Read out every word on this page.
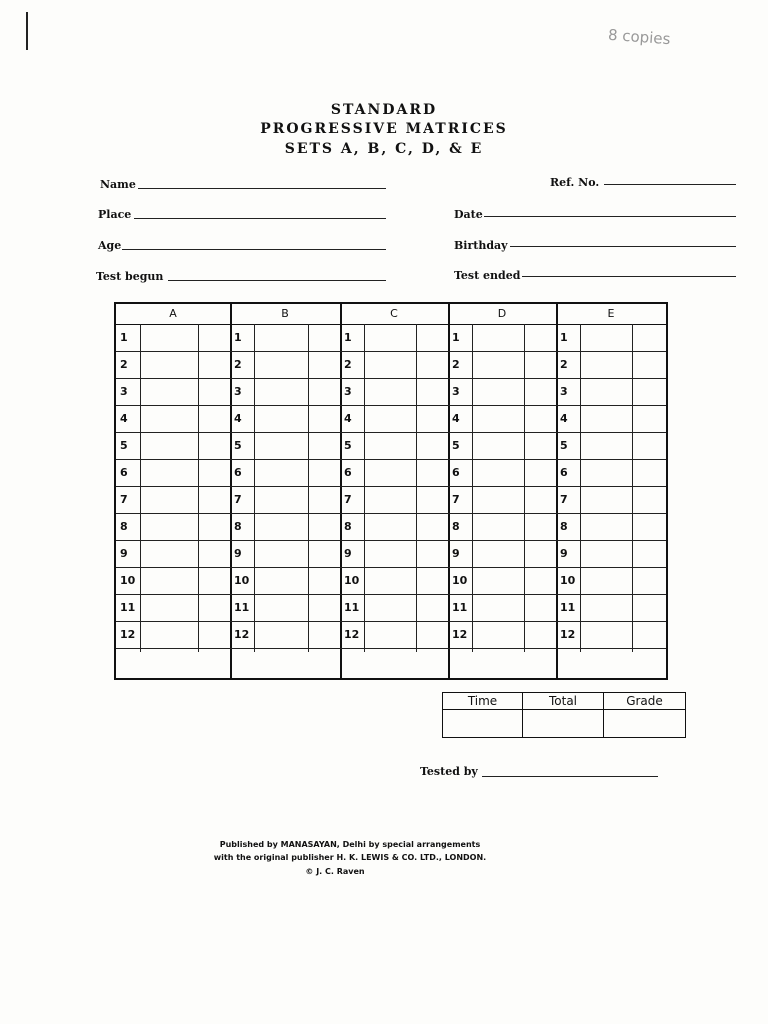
8 copies
STANDARD
PROGRESSIVE MATRICES
SETS A, B, C, D, & E
Name
Place
Age
Test begun
Ref. No.
Date
Birthday
Test ended
A
1
2
3
4
5
6
7
8
9
10
11
12
B
1
2
3
4
5
6
7
8
9
10
11
12
C
1
2
3
4
5
6
7
8
9
10
11
12
D
1
2
3
4
5
6
7
8
9
10
11
12
E
1
2
3
4
5
6
7
8
9
10
11
12
Time	Total	Grade
Tested by
Published by MANASAYAN, Delhi by special arrangements
with the original publisher H. K. LEWIS & CO. LTD., LONDON.
© J. C. Raven
